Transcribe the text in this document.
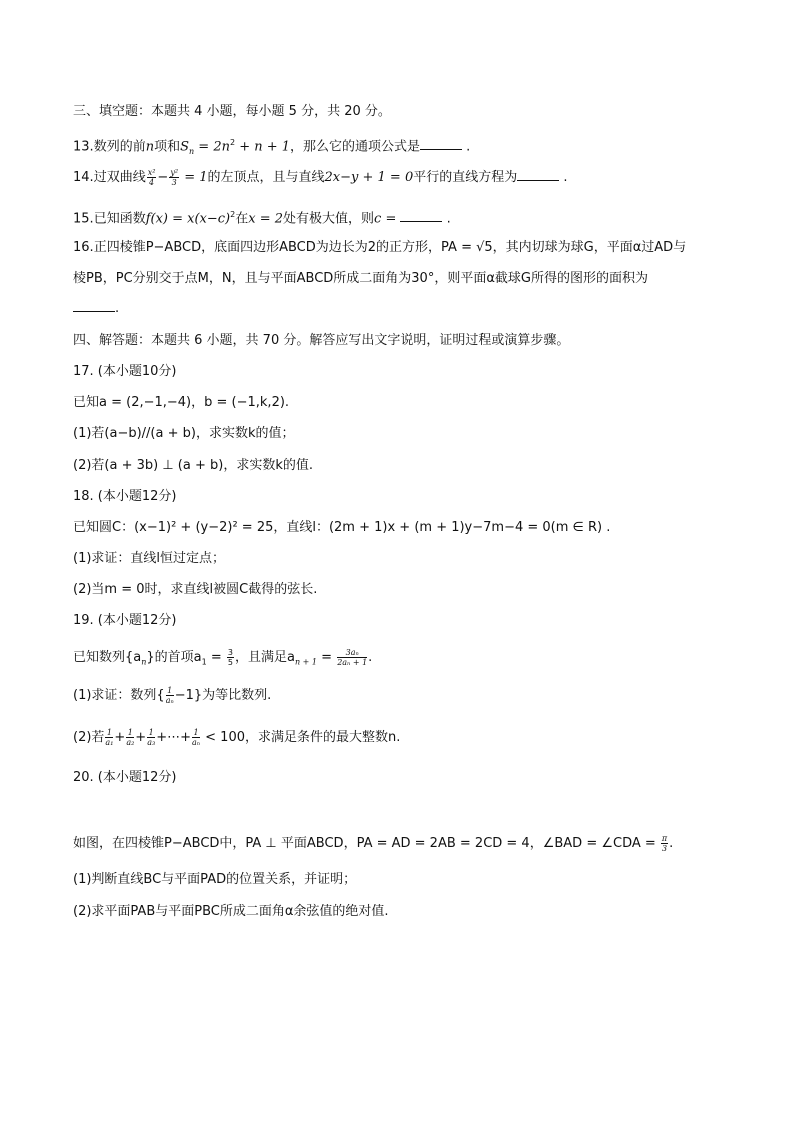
三、填空题：本题共 4 小题，每小题 5 分，共 20 分。
13.数列的前n项和$S_n = 2n^2 + n + 1$，那么它的通项公式是	.
14.过双曲线 $\frac{\text{x²}}{4} - \frac{\text{y²}}{3} = 1$的左顶点，且与直线2x−y + 1 = 0平行的直线方程为	.
15.已知函数$f(x) = x(x-c)^2$在x = 2处有极大值，则c =	.
16.正四棱锥P−ABCD，底面四边形ABCD为边长为2的正方形，PA = √5，其内切球为球G，平面α过AD与
棱PB，PC分别交于点M，N，且与平面ABCD所成二面角为30°，则平面α截球G所得的图形的面积为
.
四、解答题：本题共 6 小题，共 70 分。解答应写出文字说明，证明过程或演算步骤。
17. (本小题10分)
已知a = (2,−1,−4)，b = (−1,k,2).
(1)若(a−b)//(a + b)，求实数k的值；
(2)若(a + 3b) ⊥ (a + b)，求实数k的值.
18. (本小题12分)
已知圆C：(x−1)² + (y−2)² = 25，直线l：(2m + 1)x + (m + 1)y−7m−4 = 0(m ∈ R) .
(1)求证：直线l恒过定点；
(2)当m = 0时，求直线l被圆C截得的弦长.
19. (本小题12分)
已知数列$\{a_n\}$的首项$a_1 = \frac{3}{5}$ ，且满足$a_{n + 1} = \frac{\text{3aₙ}}{\text{2aₙ + 1}}$ .
(1)求证：数列{ $\frac{1}{\text{aₙ}} -1$}为等比数列.
(2)若 $\frac{1}{\text{a₁}} + \frac{1}{\text{a₂}} + \frac{1}{\text{a₃}}$ +⋯+ $\frac{1}{\text{aₙ}} < 100$，求满足条件的最大整数n.
20. (本小题12分)
如图，在四棱锥P−ABCD中，PA ⊥ 平面ABCD，PA = AD = 2AB = 2CD = 4，∠BAD = ∠CDA = $\frac{\pi}{3}$ .
(1)判断直线BC与平面PAD的位置关系，并证明；
(2)求平面PAB与平面PBC所成二面角α余弦值的绝对值.
